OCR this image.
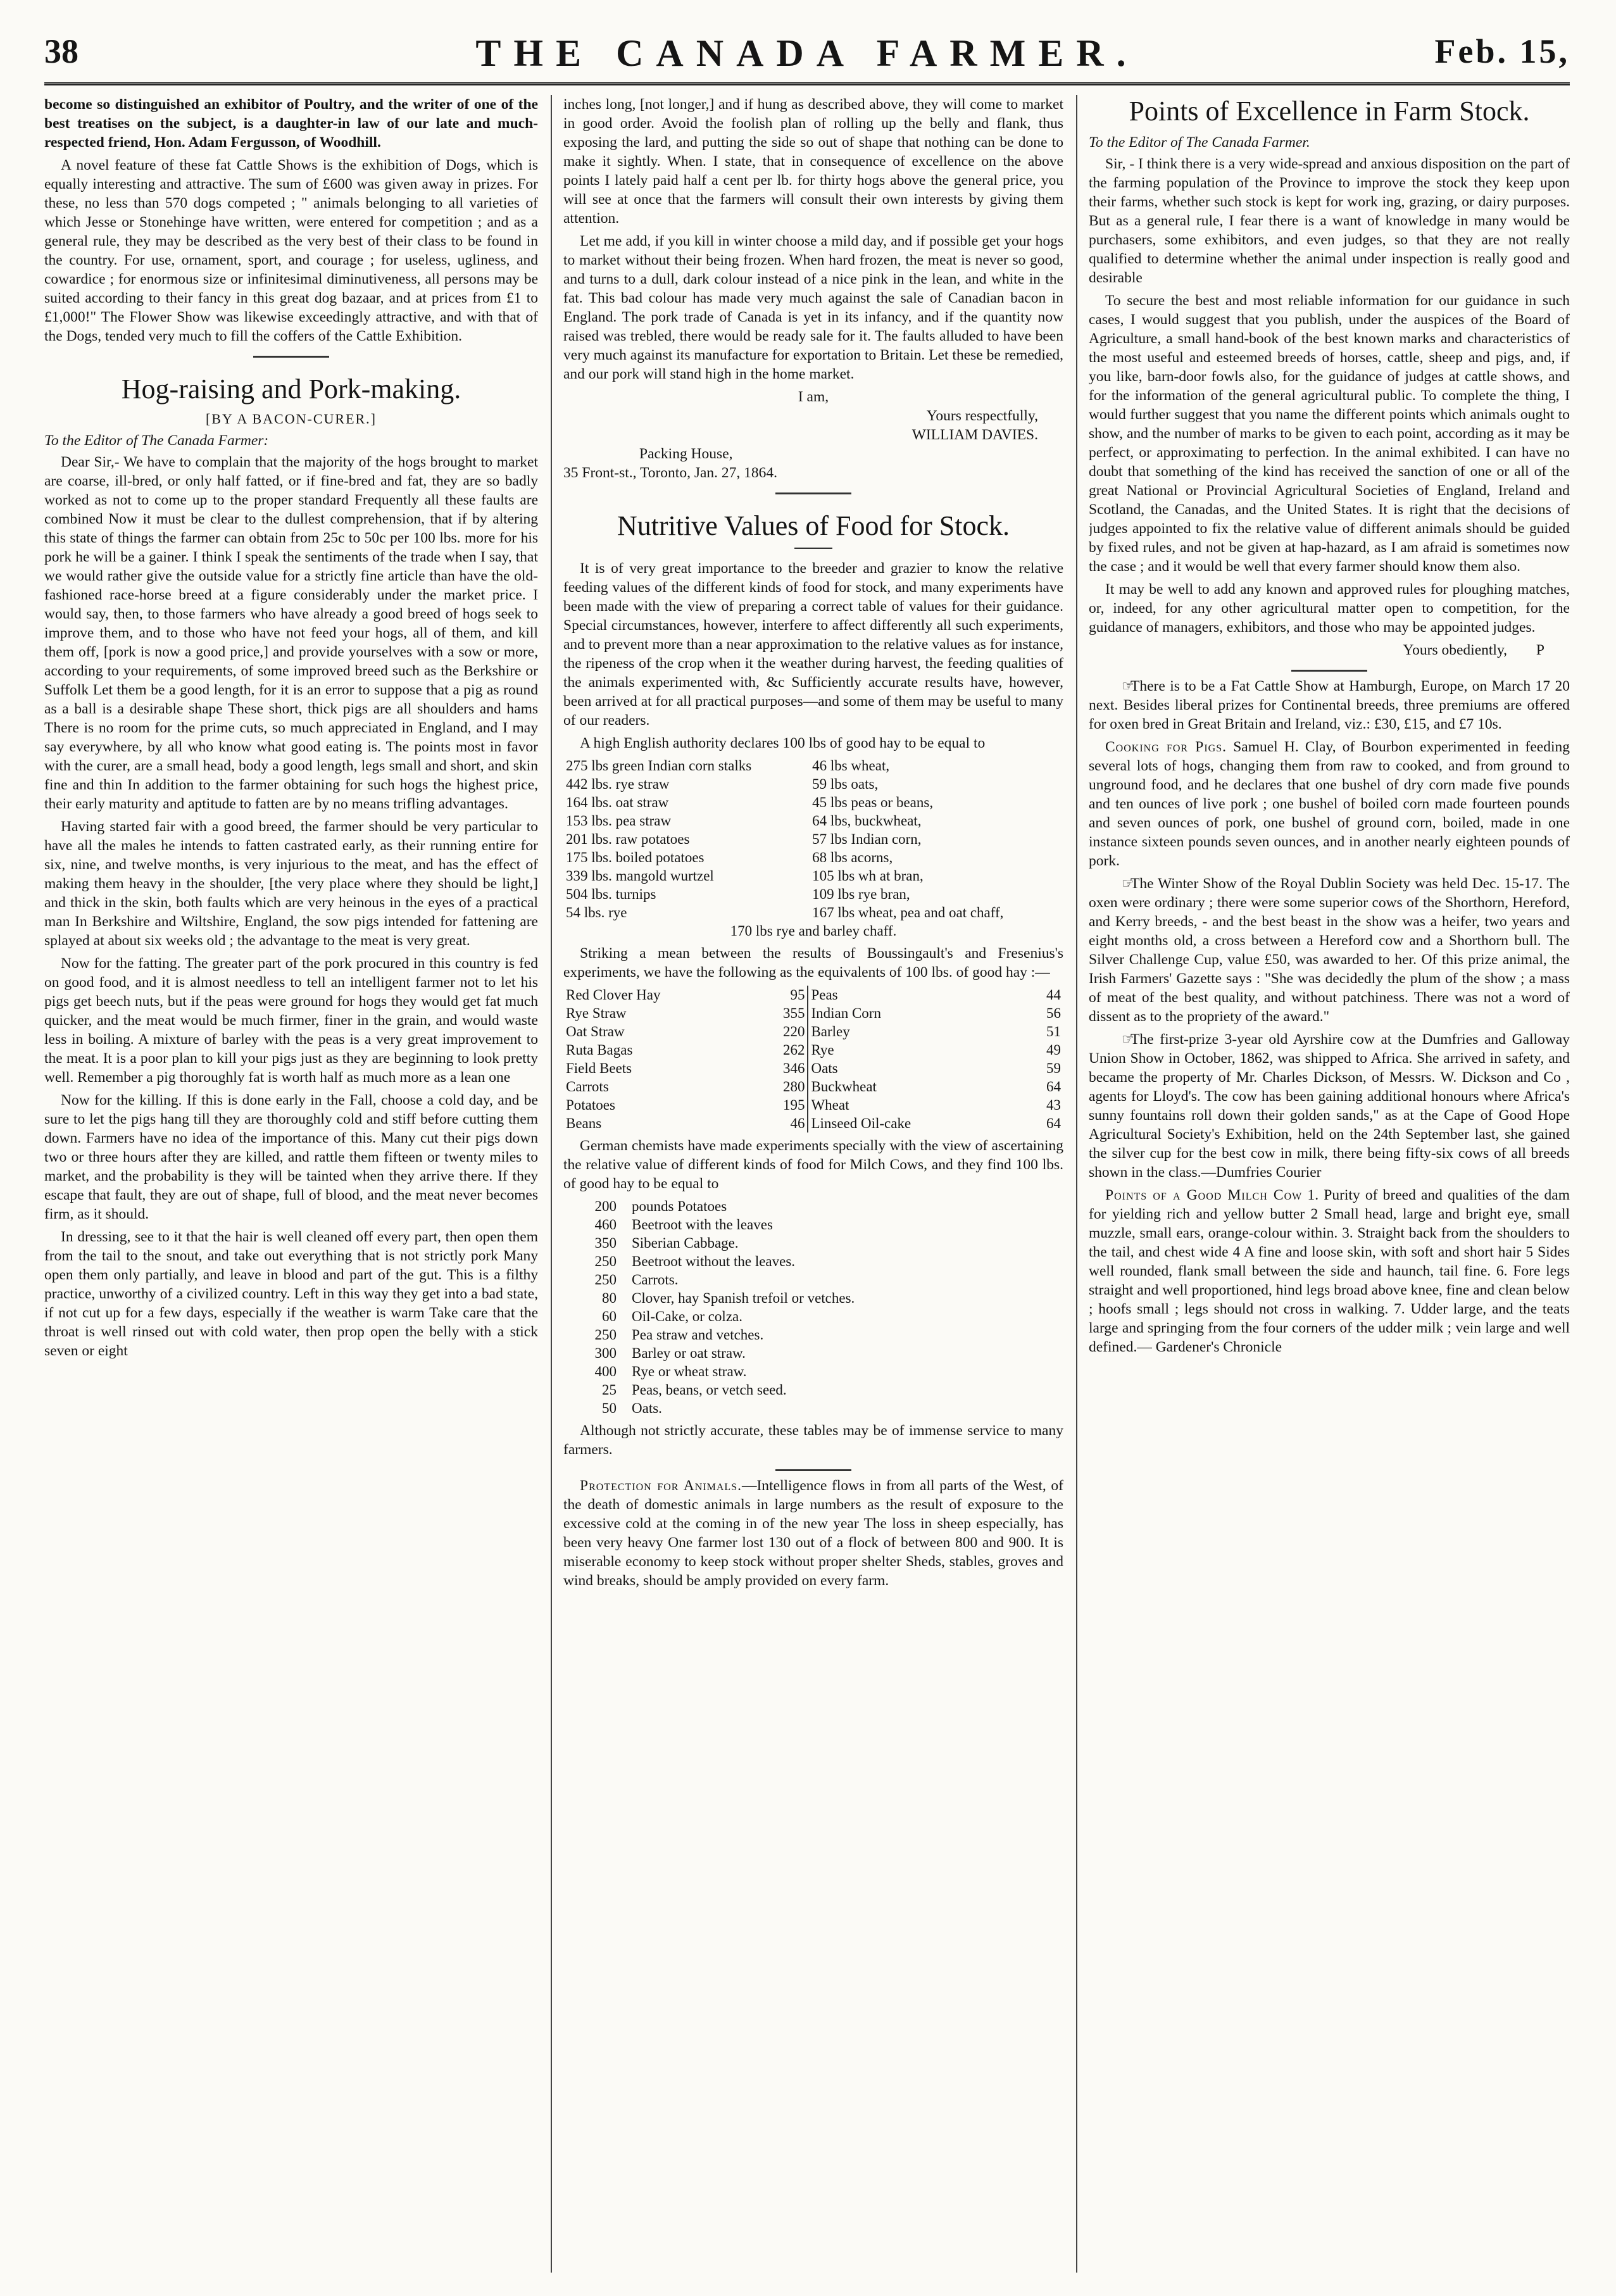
38	THE CANADA FARMER.	Feb. 15,

become so distinguished an exhibitor of Poultry, and the writer of one of the best treatises on the subject, is a daughter-in law of our late and much-respected friend, Hon. Adam Fergusson, of Woodhill.

A novel feature of these fat Cattle Shows is the exhibition of Dogs, which is equally interesting and attractive. The sum of £600 was given away in prizes. For these, no less than 570 dogs competed ; " animals belonging to all varieties of which Jesse or Stonehinge have written, were entered for competition ; and as a general rule, they may be described as the very best of their class to be found in the country. For use, ornament, sport, and courage ; for useless, ugliness, and cowardice ; for enormous size or infinitesimal diminutiveness, all persons may be suited according to their fancy in this great dog bazaar, and at prices from £1 to £1,000!" The Flower Show was likewise exceedingly attractive, and with that of the Dogs, tended very much to fill the coffers of the Cattle Exhibition.

Hog-raising and Pork-making.
[BY A BACON-CURER.]
To the Editor of The Canada Farmer:

Dear Sir,- We have to complain that the majority of the hogs brought to market are coarse, ill-bred, or only half fatted, or if fine-bred and fat, they are so badly worked as not to come up to the proper standard Frequently all these faults are combined Now it must be clear to the dullest comprehension, that if by altering this state of things the farmer can obtain from 25c to 50c per 100 lbs. more for his pork he will be a gainer. I think I speak the sentiments of the trade when I say, that we would rather give the outside value for a strictly fine article than have the old-fashioned race-horse breed at a figure considerably under the market price. I would say, then, to those farmers who have already a good breed of hogs seek to improve them, and to those who have not feed your hogs, all of them, and kill them off, [pork is now a good price,] and provide yourselves with a sow or more, according to your requirements, of some improved breed such as the Berkshire or Suffolk Let them be a good length, for it is an error to suppose that a pig as round as a ball is a desirable shape These short, thick pigs are all shoulders and hams There is no room for the prime cuts, so much appreciated in England, and I may say everywhere, by all who know what good eating is. The points most in favor with the curer, are a small head, body a good length, legs small and short, and skin fine and thin In addition to the farmer obtaining for such hogs the highest price, their early maturity and aptitude to fatten are by no means trifling advantages.

Having started fair with a good breed, the farmer should be very particular to have all the males he intends to fatten castrated early, as their running entire for six, nine, and twelve months, is very injurious to the meat, and has the effect of making them heavy in the shoulder, [the very place where they should be light,] and thick in the skin, both faults which are very heinous in the eyes of a practical man In Berkshire and Wiltshire, England, the sow pigs intended for fattening are splayed at about six weeks old ; the advantage to the meat is very great.

Now for the fatting. The greater part of the pork procured in this country is fed on good food, and it is almost needless to tell an intelligent farmer not to let his pigs get beech nuts, but if the peas were ground for hogs they would get fat much quicker, and the meat would be much firmer, finer in the grain, and would waste less in boiling. A mixture of barley with the peas is a very great improvement to the meat. It is a poor plan to kill your pigs just as they are beginning to look pretty well. Remember a pig thoroughly fat is worth half as much more as a lean one

Now for the killing. If this is done early in the Fall, choose a cold day, and be sure to let the pigs hang till they are thoroughly cold and stiff before cutting them down. Farmers have no idea of the importance of this. Many cut their pigs down two or three hours after they are killed, and rattle them fifteen or twenty miles to market, and the probability is they will be tainted when they arrive there. If they escape that fault, they are out of shape, full of blood, and the meat never becomes firm, as it should.

In dressing, see to it that the hair is well cleaned off every part, then open them from the tail to the snout, and take out everything that is not strictly pork Many open them only partially, and leave in blood and part of the gut. This is a filthy practice, unworthy of a civilized country. Left in this way they get into a bad state, if not cut up for a few days, especially if the weather is warm Take care that the throat is well rinsed out with cold water, then prop open the belly with a stick seven or eight

inches long, [not longer,] and if hung as described above, they will come to market in good order. Avoid the foolish plan of rolling up the belly and flank, thus exposing the lard, and putting the side so out of shape that nothing can be done to make it sightly. When. I state, that in consequence of excellence on the above points I lately paid half a cent per lb. for thirty hogs above the general price, you will see at once that the farmers will consult their own interests by giving them attention.

Let me add, if you kill in winter choose a mild day, and if possible get your hogs to market without their being frozen. When hard frozen, the meat is never so good, and turns to a dull, dark colour instead of a nice pink in the lean, and white in the fat. This bad colour has made very much against the sale of Canadian bacon in England. The pork trade of Canada is yet in its infancy, and if the quantity now raised was trebled, there would be ready sale for it. The faults alluded to have been very much against its manufacture for exportation to Britain. Let these be remedied, and our pork will stand high in the home market.

I am,
Yours respectfully,
WILLIAM DAVIES.
Packing House,
35 Front-st., Toronto, Jan. 27, 1864.
Nutritive Values of Food for Stock.

It is of very great importance to the breeder and grazier to know the relative feeding values of the different kinds of food for stock, and many experiments have been made with the view of preparing a correct table of values for their guidance. Special circumstances, however, interfere to affect differently all such experiments, and to prevent more than a near approximation to the relative values as for instance, the ripeness of the crop when it the weather during harvest, the feeding qualities of the animals experimented with, &c Sufficiently accurate results have, however, been arrived at for all practical purposes—and some of them may be useful to many of our readers.

A high English authority declares 100 lbs of good hay to be equal to

275 lbs green Indian corn stalks	46 lbs wheat,
442 lbs. rye straw	59 lbs oats,
164 lbs. oat straw	45 lbs peas or beans,
153 lbs. pea straw	64 lbs, buckwheat,
201 lbs. raw potatoes	57 lbs Indian corn,
175 lbs. boiled potatoes	68 lbs acorns,
339 lbs. mangold wurtzel	105 lbs wh at bran,
504 lbs. turnips	109 lbs rye bran,
54 lbs. rye	167 lbs wheat, pea and oat chaff,
170 lbs rye and barley chaff.

Striking a mean between the results of Boussingault's and Fresenius's experiments, we have the following as the equivalents of 100 lbs. of good hay :—

Red Clover Hay	95	Peas	44
Rye Straw	355	Indian Corn	56
Oat Straw	220	Barley	51
Ruta Bagas	262	Rye	49
Field Beets	346	Oats	59
Carrots	280	Buckwheat	64
Potatoes	195	Wheat	43
Beans	46	Linseed Oil-cake	64

German chemists have made experiments specially with the view of ascertaining the relative value of different kinds of food for Milch Cows, and they find 100 lbs. of good hay to be equal to

200	pounds Potatoes
460	Beetroot with the leaves
350	Siberian Cabbage.
250	Beetroot without the leaves.
250	Carrots.
80	Clover, hay Spanish trefoil or vetches.
60	Oil-Cake, or colza.
250	Pea straw and vetches.
300	Barley or oat straw.
400	Rye or wheat straw.
25	Peas, beans, or vetch seed.
50	Oats.

Although not strictly accurate, these tables may be of immense service to many farmers.

Protection for Animals.—Intelligence flows in from all parts of the West, of the death of domestic animals in large numbers as the result of exposure to the excessive cold at the coming in of the new year The loss in sheep especially, has been very heavy One farmer lost 130 out of a flock of between 800 and 900. It is miserable economy to keep stock without proper shelter Sheds, stables, groves and wind breaks, should be amply provided on every farm.

Points of Excellence in Farm Stock.
To the Editor of The Canada Farmer.

Sir, - I think there is a very wide-spread and anxious disposition on the part of the farming population of the Province to improve the stock they keep upon their farms, whether such stock is kept for work ing, grazing, or dairy purposes. But as a general rule, I fear there is a want of knowledge in many would be purchasers, some exhibitors, and even judges, so that they are not really qualified to determine whether the animal under inspection is really good and desirable

To secure the best and most reliable information for our guidance in such cases, I would suggest that you publish, under the auspices of the Board of Agriculture, a small hand-book of the best known marks and characteristics of the most useful and esteemed breeds of horses, cattle, sheep and pigs, and, if you like, barn-door fowls also, for the guidance of judges at cattle shows, and for the information of the general agricultural public. To complete the thing, I would further suggest that you name the different points which animals ought to show, and the number of marks to be given to each point, according as it may be perfect, or approximating to perfection. In the animal exhibited. I can have no doubt that something of the kind has received the sanction of one or all of the great National or Provincial Agricultural Societies of England, Ireland and Scotland, the Canadas, and the United States. It is right that the decisions of judges appointed to fix the relative value of different animals should be guided by fixed rules, and not be given at hap-hazard, as I am afraid is sometimes now the case ; and it would be well that every farmer should know them also.

It may be well to add any known and approved rules for ploughing matches, or, indeed, for any other agricultural matter open to competition, for the guidance of managers, exhibitors, and those who may be appointed judges.

Yours obediently, P

☞There is to be a Fat Cattle Show at Hamburgh, Europe, on March 17 20 next. Besides liberal prizes for Continental breeds, three premiums are offered for oxen bred in Great Britain and Ireland, viz.: £30, £15, and £7 10s.

Cooking for Pigs. Samuel H. Clay, of Bourbon experimented in feeding several lots of hogs, changing them from raw to cooked, and from ground to unground food, and he declares that one bushel of dry corn made five pounds and ten ounces of live pork ; one bushel of boiled corn made fourteen pounds and seven ounces of pork, one bushel of ground corn, boiled, made in one instance sixteen pounds seven ounces, and in another nearly eighteen pounds of pork.

☞The Winter Show of the Royal Dublin Society was held Dec. 15-17. The oxen were ordinary ; there were some superior cows of the Shorthorn, Hereford, and Kerry breeds, - and the best beast in the show was a heifer, two years and eight months old, a cross between a Hereford cow and a Shorthorn bull. The Silver Challenge Cup, value £50, was awarded to her. Of this prize animal, the Irish Farmers' Gazette says : "She was decidedly the plum of the show ; a mass of meat of the best quality, and without patchiness. There was not a word of dissent as to the propriety of the award."

☞The first-prize 3-year old Ayrshire cow at the Dumfries and Galloway Union Show in October, 1862, was shipped to Africa. She arrived in safety, and became the property of Mr. Charles Dickson, of Messrs. W. Dickson and Co , agents for Lloyd's. The cow has been gaining additional honours where Africa's sunny fountains roll down their golden sands," as at the Cape of Good Hope Agricultural Society's Exhibition, held on the 24th September last, she gained the silver cup for the best cow in milk, there being fifty-six cows of all breeds shown in the class.—Dumfries Courier

Points of a Good Milch Cow 1. Purity of breed and qualities of the dam for yielding rich and yellow butter 2 Small head, large and bright eye, small muzzle, small ears, orange-colour within. 3. Straight back from the shoulders to the tail, and chest wide 4 A fine and loose skin, with soft and short hair 5 Sides well rounded, flank small between the side and haunch, tail fine. 6. Fore legs straight and well proportioned, hind legs broad above knee, fine and clean below ; hoofs small ; legs should not cross in walking. 7. Udder large, and the teats large and springing from the four corners of the udder milk ; vein large and well defined.— Gardener's Chronicle
